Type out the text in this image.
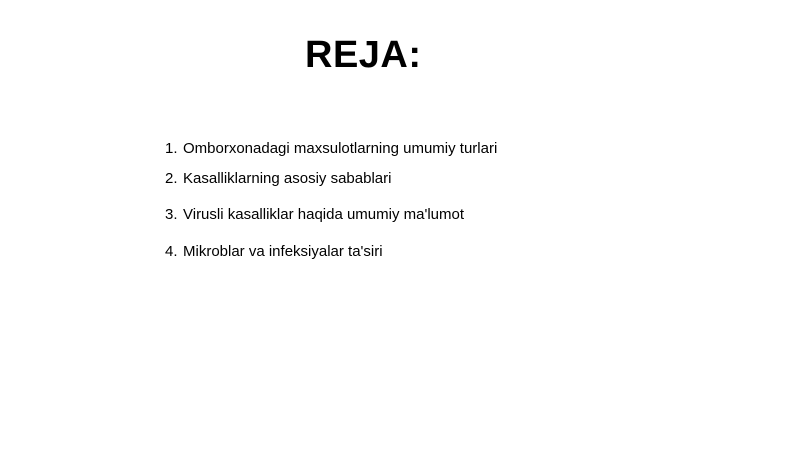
REJA:
1. Omborxonadagi maxsulotlarning umumiy turlari
2. Kasalliklarning asosiy sabablari
3. Virusli kasalliklar haqida umumiy ma'lumot
4. Mikroblar va infeksiyalar ta'siri
